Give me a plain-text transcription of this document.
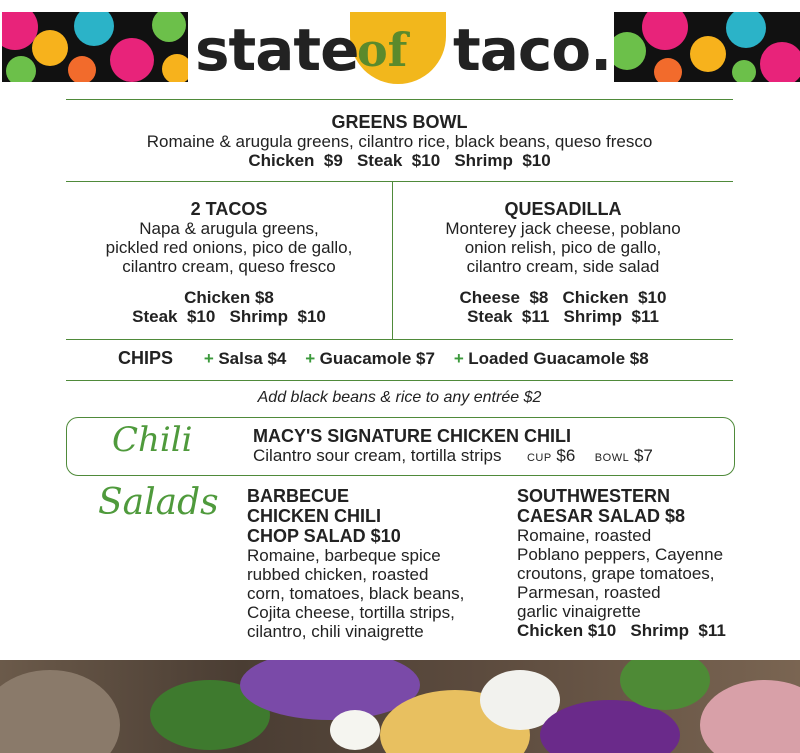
state
of taco.
GREENS BOWL
Romaine & arugula greens, cilantro rice, black beans, queso fresco
Chicken  $9   Steak  $10   Shrimp  $10
2 TACOS
Napa & arugula greens,
pickled red onions, pico de gallo,
cilantro cream, queso fresco
Chicken $8
Steak  $10   Shrimp  $10
QUESADILLA
Monterey jack cheese, poblano
onion relish, pico de gallo,
cilantro cream, side salad
Cheese  $8   Chicken  $10
Steak  $11   Shrimp  $11
CHIPS + Salsa $4 + Guacamole $7 + Loaded Guacamole $8
Add black beans & rice to any entrée $2
Chili	MACY'S SIGNATURE CHICKEN CHILI
Cilantro sour cream, tortilla strips CUP $6 BOWL $7
Salads BARBECUE
CHICKEN CHILI
CHOP SALAD $10
Romaine, barbeque spice
rubbed chicken, roasted
corn, tomatoes, black beans,
Cojita cheese, tortilla strips,
cilantro, chili vinaigrette
SOUTHWESTERN
CAESAR SALAD $8
Romaine, roasted
Poblano peppers, Cayenne
croutons, grape tomatoes,
Parmesan, roasted
garlic vinaigrette
Chicken $10   Shrimp  $11
